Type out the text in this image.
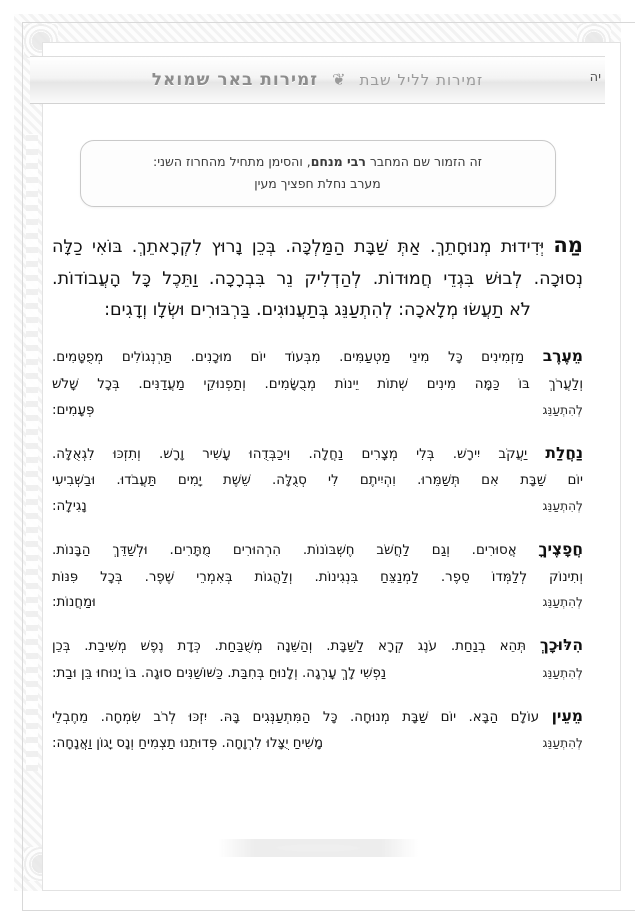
זמירות לליל שבת
❦
זמירות באר שמואל	יה
זה הזמור שם המחבר רבי מנחם, והסימן מתחיל מהחרוז השני:
מערב נחלת חפציך מעין
מַה יְּדִידוּת מְנוּחָתֵךְ. אַתְּ שַׁבָּת הַמַּלְכָּה. בְּכֵן נָרוּץ לִקְרָאתֵךְ. בּוֹאִי כַלָּה
נְסוּכָה. לְבוּשׁ בִּגְדֵי חֲמוּדוֹת. לְהַדְלִיק נֵר בִּבְרָכָה. וַתֵּכֶל כָּל הָעֲבוֹדוֹת.
לֹא תַעֲשׂוּ מְלָאכָה: לְהִתְעַנֵּג בְּתַעֲנוּגִים. בַּרְבּוּרִים וּשְׂלָו וְדָגִים:
מֵעֶרֶב מַזְמִינִים כָּל מִינֵי מַטְעַמִּים. מִבְּעוֹד יוֹם מוּכָנִים. תַּרְנְגוֹלִים מְפֻטָּמִים.
וְלַעֲרֹךְ בּוֹ כַּמָּה מִינִים שְׁתוֹת יֵינוֹת מְבֻשָּׂמִים. וְתַפְנוּקֵי מַעֲדַנִּים. בְּכָל שָׁלֹשׁ
פְּעָמִים:	לְהִתְעַנֵּג
נַחֲלַת יַעֲקֹב יִירָשׁ. בְּלִי מְצָרִים נַחֲלָה. וִיכַבְּדֻהוּ עָשִׁיר וָרָשׁ. וְתִזְכּוּ לִגְאֻלָּה.
יוֹם שַׁבָּת אִם תְּשַׁמֵּרוּ. וִהְיִיתֶם לִי סְגֻלָּה. שֵׁשֶׁת יָמִים תַּעֲבֹדוּ. וּבַשְּׁבִיעִי
נָגִילָה:	לְהִתְעַנֵּג
חֲפָצֶיךָ אֲסוּרִים. וְגַם לַחֲשֹׁב חֶשְׁבּוֹנוֹת. הִרְהוּרִים מֻתָּרִים. וּלְשַׁדֵּךְ הַבָּנוֹת.
וְתִינוֹק לְלַמְּדוֹ סֵפֶר. לַמְנַצֵּחַ בִּנְגִינוֹת. וְלַהֲגוֹת בְּאִמְרֵי שֶׁפֶר. בְּכָל פִּנּוֹת
וּמַחֲנוֹת:	לְהִתְעַנֵּג
הִלּוּכָךְ תְּהֵא בְנַחַת. עֹנֶג קְרָא לַשַּׁבָּת. וְהַשֵּׁנָה מְשֻׁבַּחַת. כְּדָת נֶפֶשׁ מְשִׁיבַת. בְּכֵן
נַפְשִׁי לָךְ עָרְגָה. וְלָנוּחַ בְּחִבַּת. כַּשּׁוֹשַׁנִּים סוּגָה. בּוֹ יָנוּחוּ בֵּן וּבַת:	לְהִתְעַנֵּג
מֵעֵין עוֹלָם הַבָּא. יוֹם שַׁבָּת מְנוּחָה. כָּל הַמִּתְעַנְּגִים בָּהּ. יִזְכּוּ לְרֹב שִׂמְחָה. מֵחֶבְלֵי
מָשִׁיחַ יֻצָּלוּ לִרְוָחָה. פְּדוּתֵנוּ תַצְמִיחַ וְנָס יָגוֹן וַאֲנָחָה:	לְהִתְעַנֵּג
